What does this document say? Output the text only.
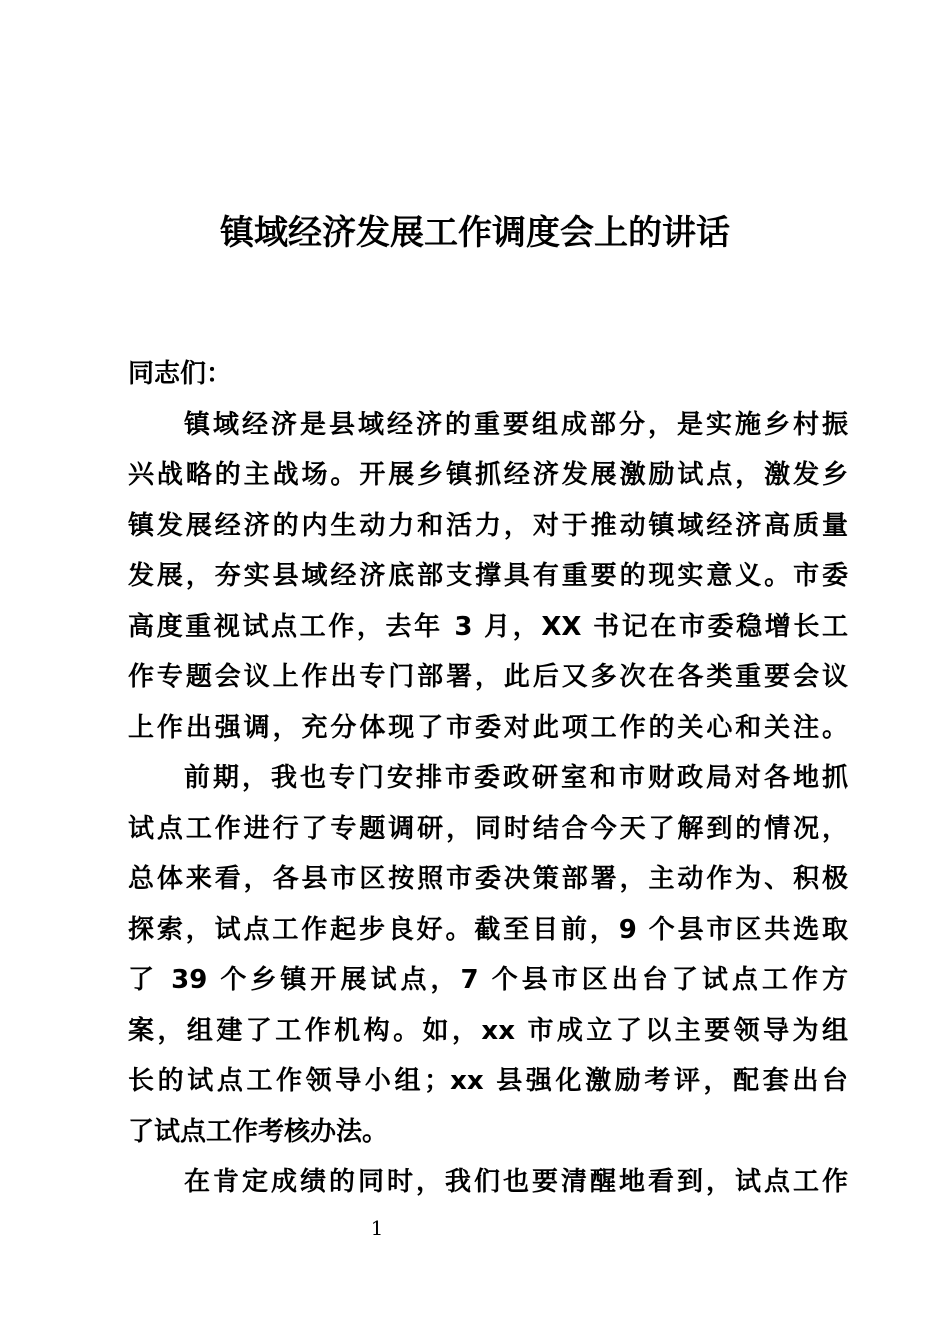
镇域经济发展工作调度会上的讲话
同志们：
镇域经济是县域经济的重要组成部分，是实施乡村振
兴战略的主战场。开展乡镇抓经济发展激励试点，激发乡
镇发展经济的内生动力和活力，对于推动镇域经济高质量
发展，夯实县域经济底部支撑具有重要的现实意义。市委
高度重视试点工作，去年 3 月，XX 书记在市委稳增长工
作专题会议上作出专门部署，此后又多次在各类重要会议
上作出强调，充分体现了市委对此项工作的关心和关注。
前期，我也专门安排市委政研室和市财政局对各地抓
试点工作进行了专题调研，同时结合今天了解到的情况，
总体来看，各县市区按照市委决策部署，主动作为、积极
探索，试点工作起步良好。截至目前，9 个县市区共选取
了 39 个乡镇开展试点，7 个县市区出台了试点工作方
案，组建了工作机构。如，xx 市成立了以主要领导为组
长的试点工作领导小组；xx 县强化激励考评，配套出台
了试点工作考核办法。
在肯定成绩的同时，我们也要清醒地看到，试点工作
1
